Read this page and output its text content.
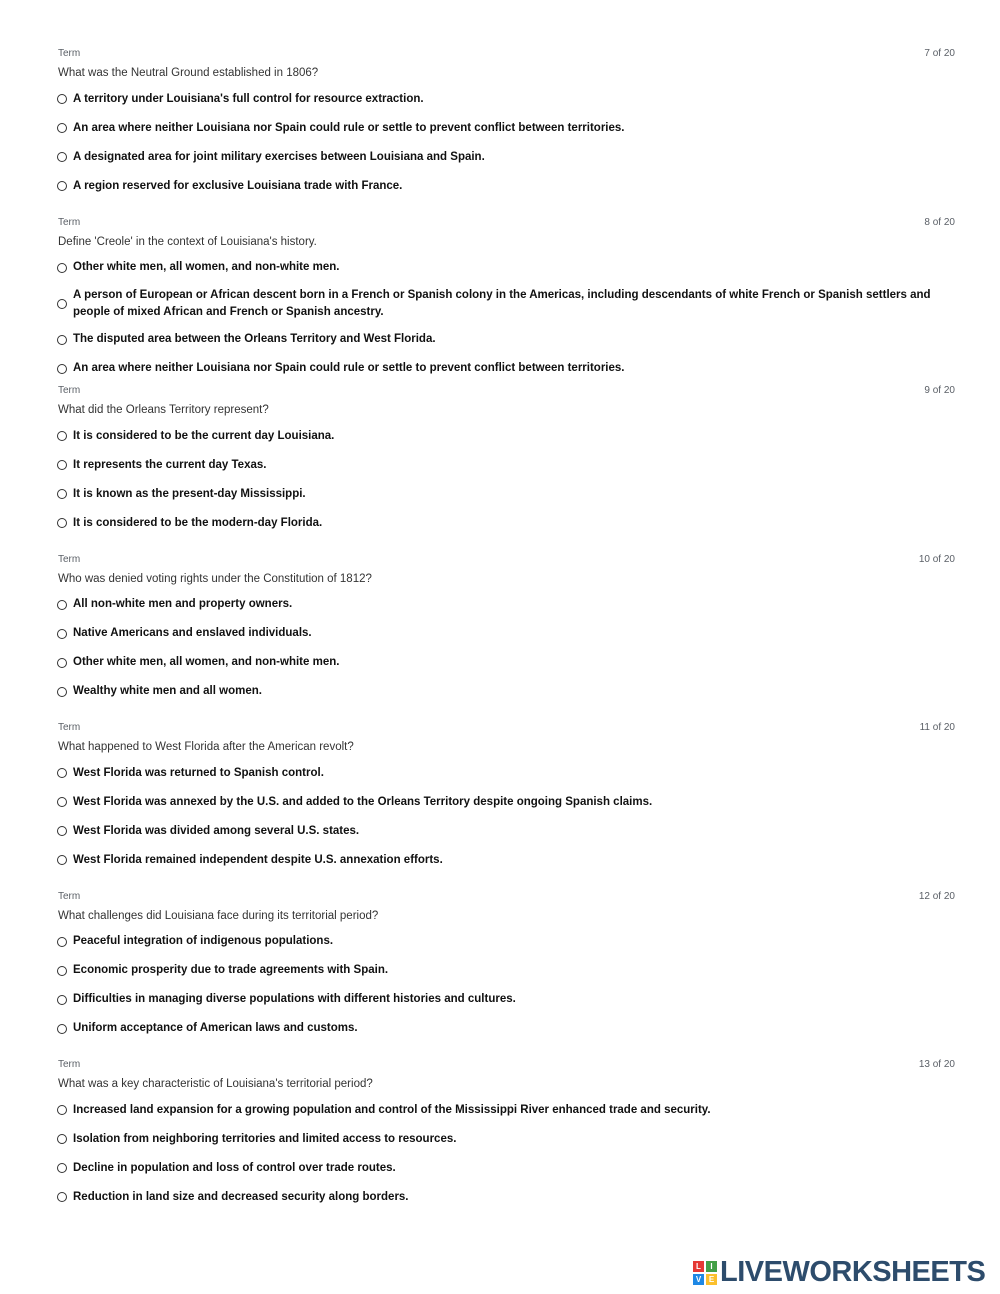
Term	7 of 20
What was the Neutral Ground established in 1806?
A territory under Louisiana's full control for resource extraction.
An area where neither Louisiana nor Spain could rule or settle to prevent conflict between territories.
A designated area for joint military exercises between Louisiana and Spain.
A region reserved for exclusive Louisiana trade with France.
Term	8 of 20
Define 'Creole' in the context of Louisiana's history.
Other white men, all women, and non-white men.
A person of European or African descent born in a French or Spanish colony in the Americas, including descendants of white French or Spanish settlers and people of mixed African and French or Spanish ancestry.
The disputed area between the Orleans Territory and West Florida.
An area where neither Louisiana nor Spain could rule or settle to prevent conflict between territories.
Term	9 of 20
What did the Orleans Territory represent?
It is considered to be the current day Louisiana.
It represents the current day Texas.
It is known as the present-day Mississippi.
It is considered to be the modern-day Florida.
Term	10 of 20
Who was denied voting rights under the Constitution of 1812?
All non-white men and property owners.
Native Americans and enslaved individuals.
Other white men, all women, and non-white men.
Wealthy white men and all women.
Term	11 of 20
What happened to West Florida after the American revolt?
West Florida was returned to Spanish control.
West Florida was annexed by the U.S. and added to the Orleans Territory despite ongoing Spanish claims.
West Florida was divided among several U.S. states.
West Florida remained independent despite U.S. annexation efforts.
Term	12 of 20
What challenges did Louisiana face during its territorial period?
Peaceful integration of indigenous populations.
Economic prosperity due to trade agreements with Spain.
Difficulties in managing diverse populations with different histories and cultures.
Uniform acceptance of American laws and customs.
Term	13 of 20
What was a key characteristic of Louisiana's territorial period?
Increased land expansion for a growing population and control of the Mississippi River enhanced trade and security.
Isolation from neighboring territories and limited access to resources.
Decline in population and loss of control over trade routes.
Reduction in land size and decreased security along borders.
L	I
V E LIVEWORKSHEETS
